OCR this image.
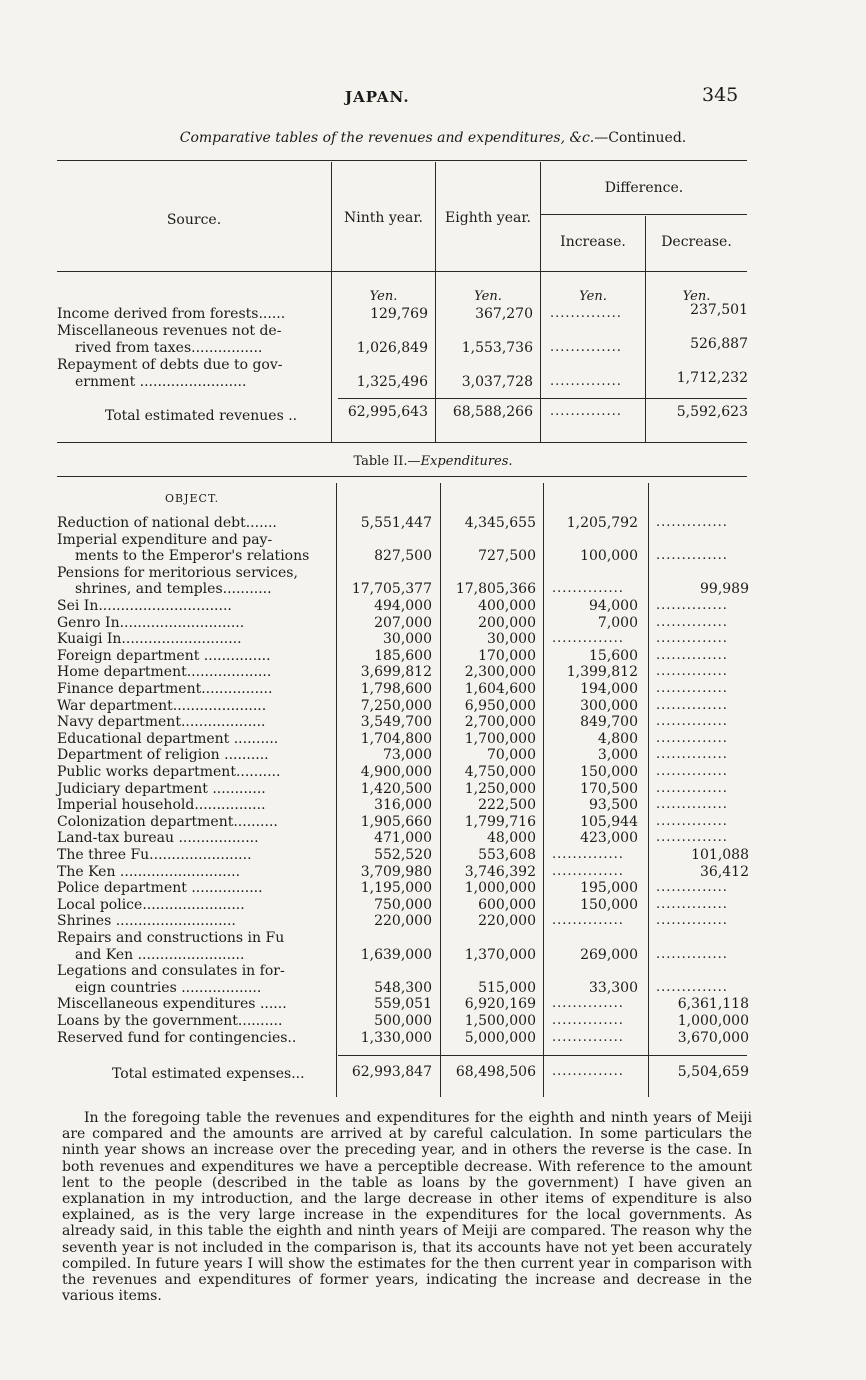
JAPAN.	345
Comparative tables of the revenues and expenditures, &c.—Continued.
Source.	Ninth year.	Eighth year.
Difference.
Increase.	Decrease.
Yen.	Yen.	Yen.	Yen.
Income derived from forests......	129,769	367,270 ..............	237,501
Miscellaneous revenues not de-
rived from taxes................	1,026,849	1,553,736 ..............	526,887
Repayment of debts due to gov-
ernment ........................	1,325,496	3,037,728 ..............	1,712,232
Total estimated revenues ..	62,995,643	68,588,266 ..............	5,592,623
Table II.—Expenditures.
OBJECT.
Reduction of national debt.......	5,551,447	4,345,655	1,205,792 ..............
Imperial expenditure and pay-
ments to the Emperor's relations	827,500	727,500	100,000 ..............
Pensions for meritorious services,
shrines, and temples...........	17,705,377	17,805,366 ..............	99,989
Sei In..............................	494,000	400,000	94,000 ..............
Genro In............................	207,000	200,000	7,000 ..............
Kuaigi In...........................	30,000	30,000 ..............	..............
Foreign department ...............	185,600	170,000	15,600 ..............
Home department...................	3,699,812	2,300,000	1,399,812 ..............
Finance department................	1,798,600	1,604,600	194,000 ..............
War department.....................	7,250,000	6,950,000	300,000 ..............
Navy department...................	3,549,700	2,700,000	849,700 ..............
Educational department ..........	1,704,800	1,700,000	4,800 ..............
Department of religion ..........	73,000	70,000	3,000 ..............
Public works department..........	4,900,000	4,750,000	150,000 ..............
Judiciary department ............	1,420,500	1,250,000	170,500 ..............
Imperial household................	316,000	222,500	93,500 ..............
Colonization department..........	1,905,660	1,799,716	105,944 ..............
Land-tax bureau ..................	471,000	48,000	423,000 ..............
The three Fu.......................	552,520	553,608 ..............	101,088
The Ken ...........................	3,709,980	3,746,392 ..............	36,412
Police department ................	1,195,000	1,000,000	195,000 ..............
Local police.......................	750,000	600,000	150,000 ..............
Shrines ...........................	220,000	220,000 ..............	..............
Repairs and constructions in Fu
and Ken ........................	1,639,000	1,370,000	269,000 ..............
Legations and consulates in for-
eign countries ..................	548,300	515,000	33,300 ..............
Miscellaneous expenditures ......	559,051	6,920,169 ..............	6,361,118
Loans by the government..........	500,000	1,500,000 ..............	1,000,000
Reserved fund for contingencies..	1,330,000	5,000,000 ..............	3,670,000
Total estimated expenses...	62,993,847	68,498,506 ..............	5,504,659
In the foregoing table the revenues and expenditures for the eighth and ninth years of Meiji are compared and the amounts are arrived at by careful calculation. In some particulars the ninth year shows an increase over the preceding year, and in others the reverse is the case. In both revenues and expenditures we have a perceptible decrease. With reference to the amount lent to the people (described in the table as loans by the government) I have given an explanation in my introduction, and the large decrease in other items of expenditure is also explained, as is the very large increase in the expenditures for the local governments. As already said, in this table the eighth and ninth years of Meiji are compared. The reason why the seventh year is not included in the comparison is, that its accounts have not yet been accurately compiled. In future years I will show the estimates for the then current year in comparison with the revenues and expenditures of former years, indicating the increase and decrease in the various items.
